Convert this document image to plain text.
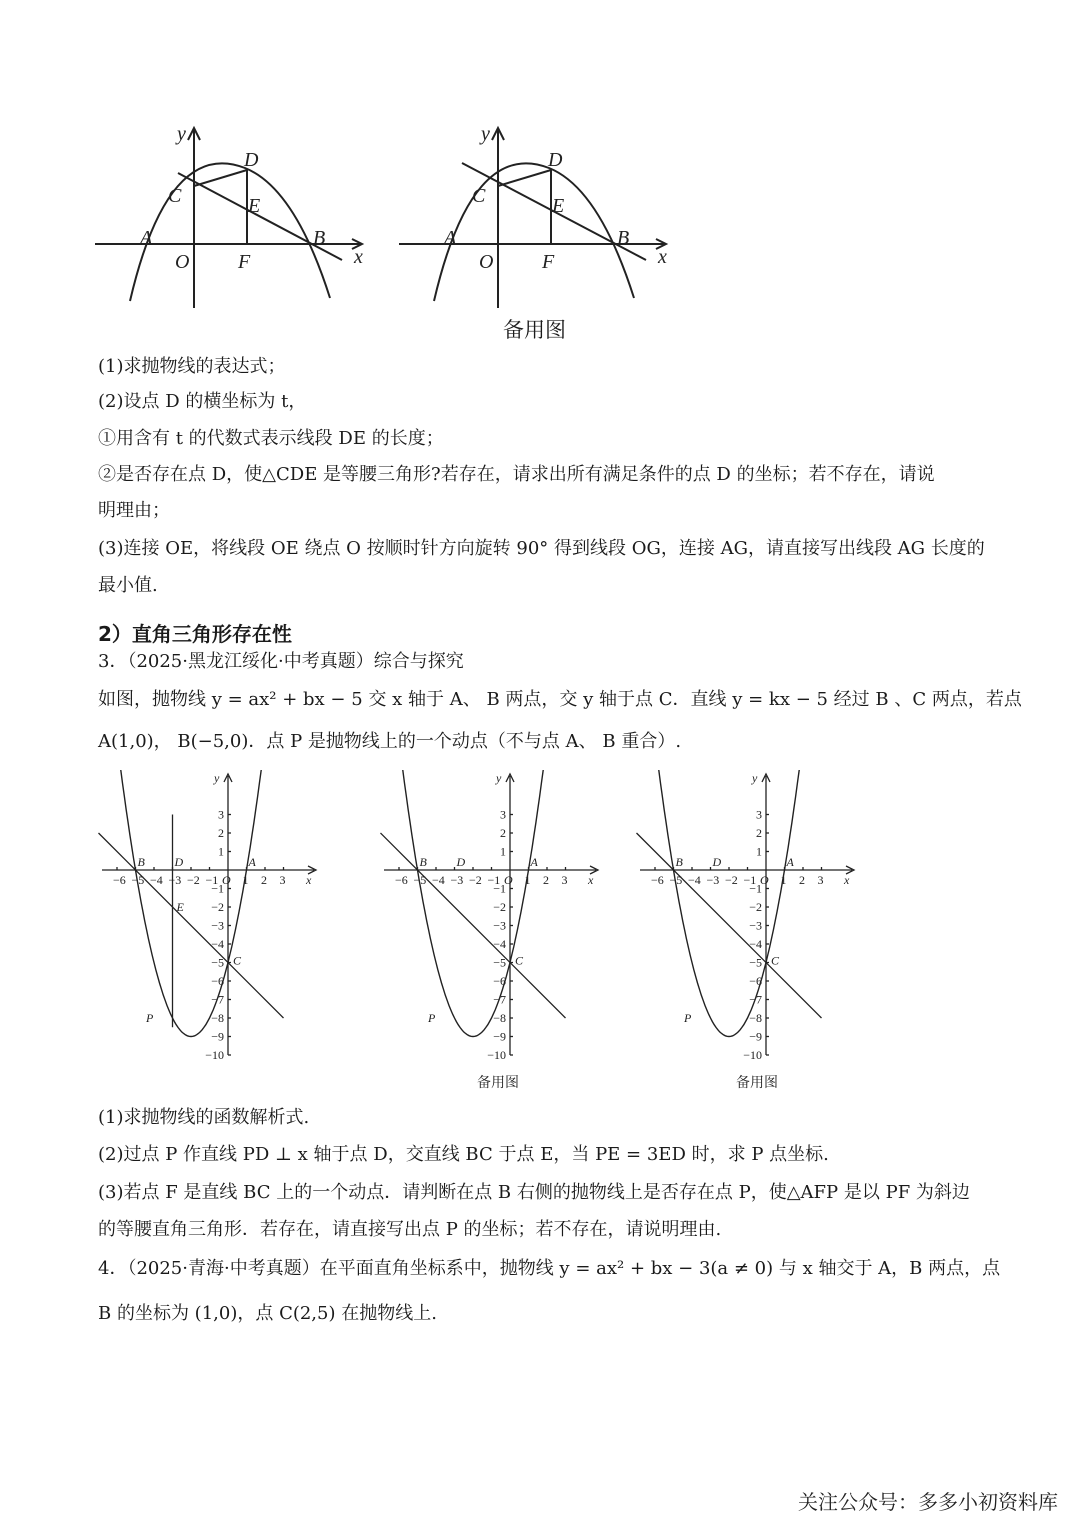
y
x
D
C	E
A	B
O F
y
x
D
C	E
A	B
O F
备用图
(1)求抛物线的表达式；
(2)设点 D 的横坐标为 t，
①用含有 t 的代数式表示线段 DE 的长度；
②是否存在点 D，使△CDE 是等腰三角形?若存在，请求出所有满足条件的点 D 的坐标；若不存在，请说
明理由；
(3)连接 OE，将线段 OE 绕点 O 按顺时针方向旋转 90° 得到线段 OG，连接 AG，请直接写出线段 AG 长度的
最小值.
2）直角三角形存在性
3．（2025·黑龙江绥化·中考真题）综合与探究
如图，抛物线 y = ax² + bx − 5 交 x 轴于 A、 B 两点，交 y 轴于点 C．直线 y = kx − 5 经过 B 、C 两点，若点
A(1,0)， B(−5,0)．点 P 是抛物线上的一个动点（不与点 A、 B 重合）.
−6 −5 −4 −3 −2 −1 O 1 2 3
3
2
1
−1
−2
−3
−4
−5
−6
−7
−8
−9
−10
y
x
B D	A
C
P
E
−6 −5 −4 −3 −2 −1 O 1 2 3
3
2
1
−1
−2
−3
−4
−5
−6
−7
−8
−9
−10
y
x
B D	A
C
P
−6 −5 −4 −3 −2 −1 O 1 2 3
3
2
1
−1
−2
−3
−4
−5
−6
−7
−8
−9
−10
y
x
B D	A
C
P
备用图	备用图
(1)求抛物线的函数解析式.
(2)过点 P 作直线 PD ⊥ x 轴于点 D，交直线 BC 于点 E，当 PE = 3ED 时，求 P 点坐标.
(3)若点 F 是直线 BC 上的一个动点．请判断在点 B 右侧的抛物线上是否存在点 P，使△AFP 是以 PF 为斜边
的等腰直角三角形．若存在，请直接写出点 P 的坐标；若不存在，请说明理由.
4．（2025·青海·中考真题）在平面直角坐标系中，抛物线 y = ax² + bx − 3(a ≠ 0) 与 x 轴交于 A，B 两点，点
B 的坐标为 (1,0)，点 C(2,5) 在抛物线上.
关注公众号：多多小初资料库
